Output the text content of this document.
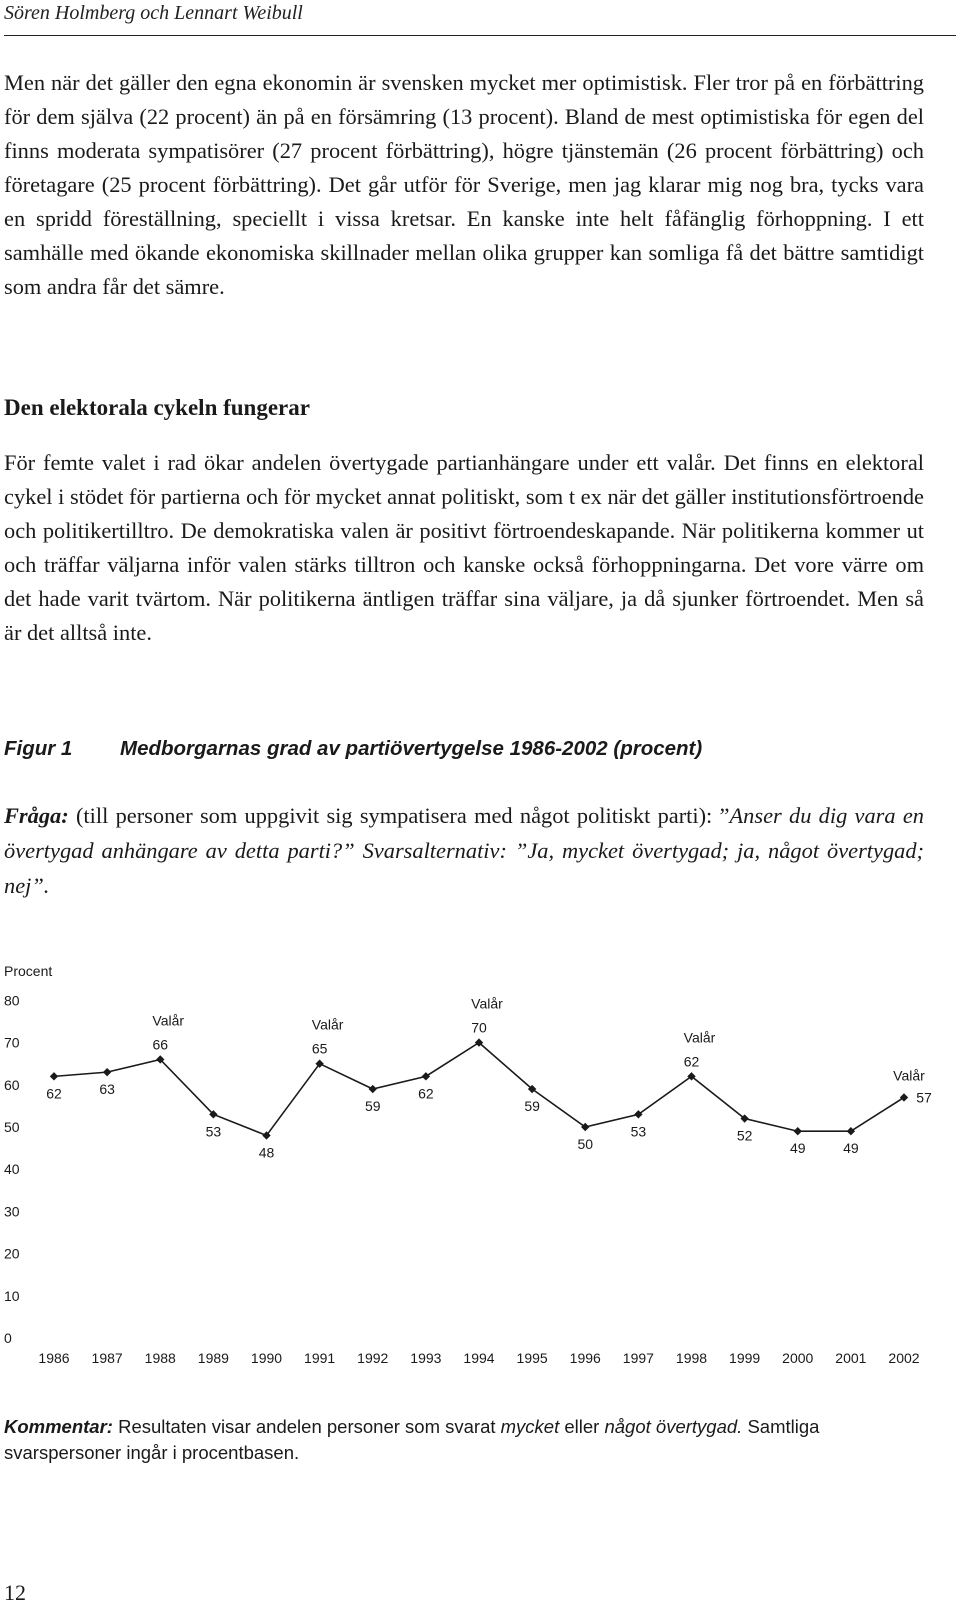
Sören Holmberg och Lennart Weibull

Men när det gäller den egna ekonomin är svensken mycket mer optimistisk. Fler tror på en förbättring för dem själva (22 procent) än på en försämring (13 procent). Bland de mest optimistiska för egen del finns moderata sympatisörer (27 procent förbättring), högre tjänstemän (26 procent förbättring) och företagare (25 procent förbättring). Det går utför för Sverige, men jag klarar mig nog bra, tycks vara en spridd föreställning, speciellt i vissa kretsar. En kanske inte helt fåfänglig förhoppning. I ett samhälle med ökande ekonomiska skillnader mellan olika grupper kan somliga få det bättre samtidigt som andra får det sämre.

Den elektorala cykeln fungerar

För femte valet i rad ökar andelen övertygade partianhängare under ett valår. Det finns en elektoral cykel i stödet för partierna och för mycket annat politiskt, som t ex när det gäller institutionsförtroende och politikertilltro. De demokratiska valen är positivt förtroendeskapande. När politikerna kommer ut och träffar väljarna inför valen stärks tilltron och kanske också förhoppningarna. Det vore värre om det hade varit tvärtom. När politikerna äntligen träffar sina väljare, ja då sjunker förtroendet. Men så är det alltså inte.

Figur 1 Medborgarnas grad av partiövertygelse 1986-2002 (procent)
Fråga: (till personer som uppgivit sig sympatisera med något politiskt parti): ”Anser du dig vara en övertygad anhängare av detta parti?” Svarsalternativ: ”Ja, mycket övertygad; ja, något övertygad; nej”.
Procent
0
10
20
30
40
50
60
70
80
1986 1987 1988 1989 1990 1991 1992 1993 1994 1995 1996 1997 1998 1999 2000 2001 2002
62	63
66
53
48
65
59
62
70
59
50
53
62
52
49	49
57
Valår	Valår
Valår
Valår
Valår
Kommentar: Resultaten visar andelen personer som svarat mycket eller något övertygad. Samtliga svarspersoner ingår i procentbasen.
12
